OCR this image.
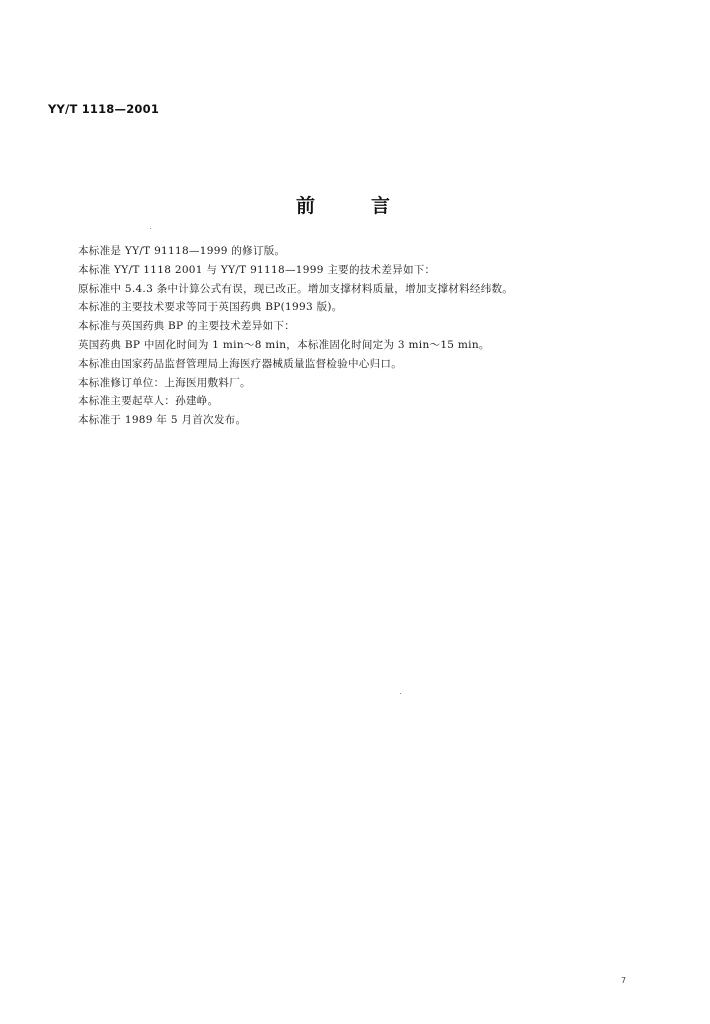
YY/T 1118—2001
前言
本标准是 YY/T 91118—1999 的修订版。
本标准 YY/T 1118 2001 与 YY/T 91118—1999 主要的技术差异如下：
原标准中 5.4.3 条中计算公式有误，现已改正。增加支撑材料质量，增加支撑材料经纬数。
本标准的主要技术要求等同于英国药典 BP(1993 版)。
本标准与英国药典 BP 的主要技术差异如下：
英国药典 BP 中固化时间为 1 min～8 min，本标准固化时间定为 3 min～15 min。
本标准由国家药品监督管理局上海医疗器械质量监督检验中心归口。
本标准修订单位：上海医用敷料厂。
本标准主要起草人：孙建峥。
本标准于 1989 年 5 月首次发布。
7
